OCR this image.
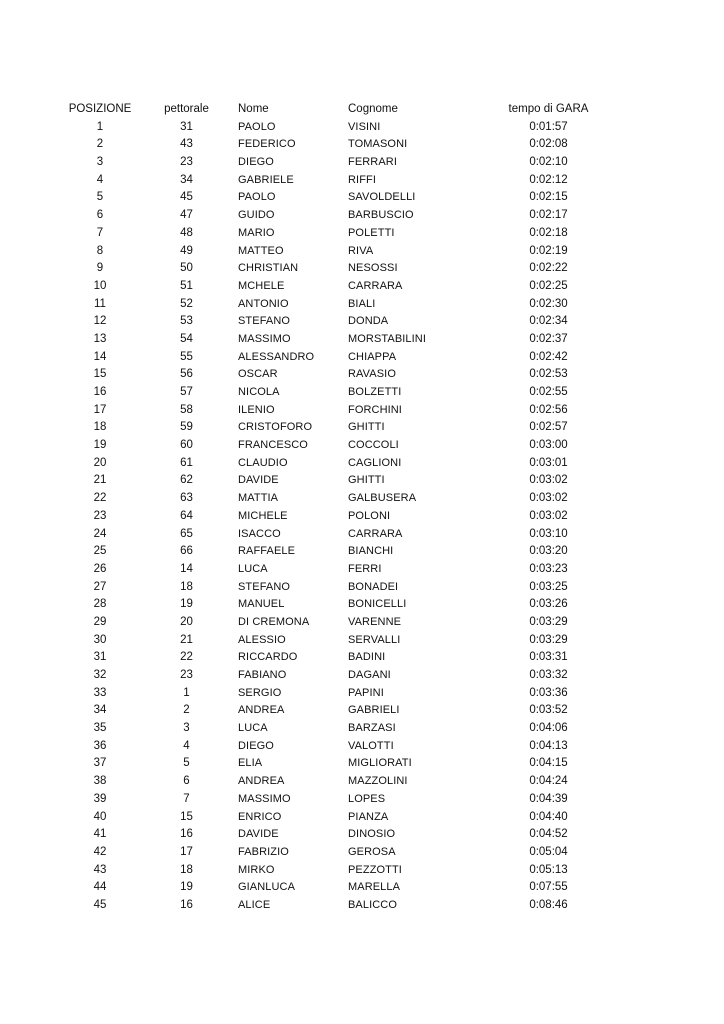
POSIZIONE	pettorale	Nome	Cognome	tempo di GARA
1	31	PAOLO	VISINI	0:01:57
2	43	FEDERICO	TOMASONI	0:02:08
3	23	DIEGO	FERRARI	0:02:10
4	34	GABRIELE	RIFFI	0:02:12
5	45	PAOLO	SAVOLDELLI	0:02:15
6	47	GUIDO	BARBUSCIO	0:02:17
7	48	MARIO	POLETTI	0:02:18
8	49	MATTEO	RIVA	0:02:19
9	50	CHRISTIAN	NESOSSI	0:02:22
10	51	MCHELE	CARRARA	0:02:25
11	52	ANTONIO	BIALI	0:02:30
12	53	STEFANO	DONDA	0:02:34
13	54	MASSIMO	MORSTABILINI	0:02:37
14	55	ALESSANDRO	CHIAPPA	0:02:42
15	56	OSCAR	RAVASIO	0:02:53
16	57	NICOLA	BOLZETTI	0:02:55
17	58	ILENIO	FORCHINI	0:02:56
18	59	CRISTOFORO	GHITTI	0:02:57
19	60	FRANCESCO	COCCOLI	0:03:00
20	61	CLAUDIO	CAGLIONI	0:03:01
21	62	DAVIDE	GHITTI	0:03:02
22	63	MATTIA	GALBUSERA	0:03:02
23	64	MICHELE	POLONI	0:03:02
24	65	ISACCO	CARRARA	0:03:10
25	66	RAFFAELE	BIANCHI	0:03:20
26	14	LUCA	FERRI	0:03:23
27	18	STEFANO	BONADEI	0:03:25
28	19	MANUEL	BONICELLI	0:03:26
29	20	DI CREMONA	VARENNE	0:03:29
30	21	ALESSIO	SERVALLI	0:03:29
31	22	RICCARDO	BADINI	0:03:31
32	23	FABIANO	DAGANI	0:03:32
33	1	SERGIO	PAPINI	0:03:36
34	2	ANDREA	GABRIELI	0:03:52
35	3	LUCA	BARZASI	0:04:06
36	4	DIEGO	VALOTTI	0:04:13
37	5	ELIA	MIGLIORATI	0:04:15
38	6	ANDREA	MAZZOLINI	0:04:24
39	7	MASSIMO	LOPES	0:04:39
40	15	ENRICO	PIANZA	0:04:40
41	16	DAVIDE	DINOSIO	0:04:52
42	17	FABRIZIO	GEROSA	0:05:04
43	18	MIRKO	PEZZOTTI	0:05:13
44	19	GIANLUCA	MARELLA	0:07:55
45	16	ALICE	BALICCO	0:08:46
